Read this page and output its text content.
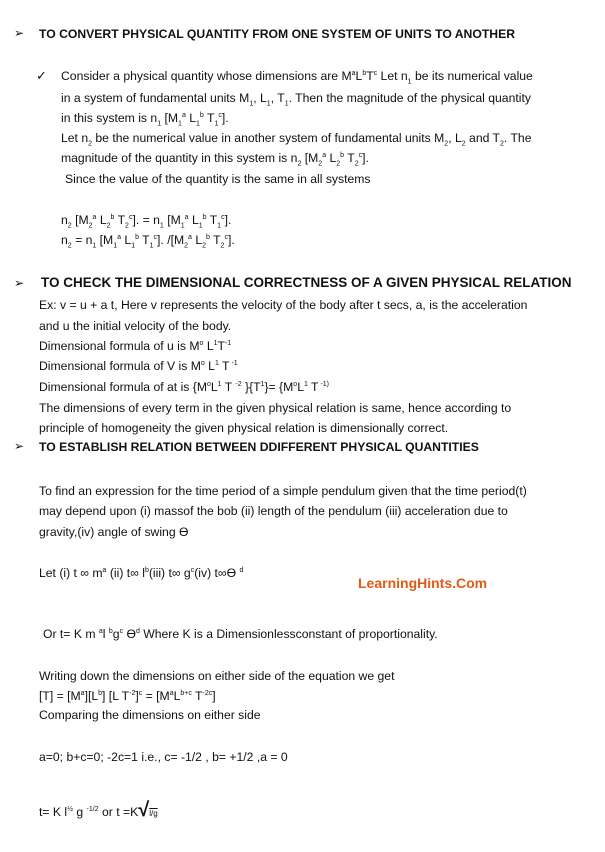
➢ TO CONVERT PHYSICAL QUANTITY FROM ONE SYSTEM OF UNITS TO ANOTHER
✓ Consider a physical quantity whose dimensions are $M^aL^bT^c$ Let $n_1$ be its numerical value
in a system of fundamental units $M_1$, $L_1$, $T_1$. Then the magnitude of the physical quantity
in this system is $n_1$ [$M_1^a$ $L_1^b$ $T_1^c$].
Let $n_2$ be the numerical value in another system of fundamental units $M_2$, $L_2$ and $T_2$. The
magnitude of the quantity in this system is $n_2$ [$M_2^a$ $L_2^b$ $T_2^c$].
Since the value of the quantity is the same in all systems
$n_2$ [$M_2^a$ $L_2^b$ $T_2^c$]. = $n_1$ [$M_1^a$ $L_1^b$ $T_1^c$].
$n_2 = n_1$ [$M_1^a$ $L_1^b$ $T_1^c$]. $/[M_2^a$ $L_2^b$ $T_2^c$].
➢ TO CHECK THE DIMENSIONAL CORRECTNESS OF A GIVEN PHYSICAL RELATION
Ex: v = u + a t, Here v represents the velocity of the body after t secs, a, is the acceleration
and u the initial velocity of the body.
Dimensional formula of u is $M^o$ $L^1T^{-1}$
Dimensional formula of V is $M^o$ $L^1$ T $^{-1}$
Dimensional formula of at is {$M^oL^1$ T $^{-2}$ }$\{T^1\}= \{M^oL^1$ T $^{-1)}$
The dimensions of every term in the given physical relation is same, hence according to
principle of homogeneity the given physical relation is dimensionally correct.
➢ TO ESTABLISH RELATION BETWEEN DDIFFERENT PHYSICAL QUANTITIES
To find an expression for the time period of a simple pendulum given that the time period(t)
may depend upon (i) massof the bob (ii) length of the pendulum (iii) acceleration due to
gravity,(iv) angle of swing ϴ
Let (i) t ∞ $m^a$ (ii) t∞ $l^b(iii)$ t∞ $g^c(iv)$ t∞ϴ $^d$
LearningHints.Com
Or t= K m $^a$l $^bg^c$ $ϴ^d$ Where K is a Dimensionlessconstant of proportionality.
Writing down the dimensions on either side of the equation we get
$[T] = [M^a][L^b]$ [L $T^{-2}]^c = [M^aL^{b+c}$ $T^{-2c}$]
Comparing the dimensions on either side
a=0; b+c=0; -2c=1 i.e., c= -1/2 , b= +1/2 ,a = 0
t= K $l^{\frac{1}{2}}$ g $^{-1/2}$ or t =K√l/g
